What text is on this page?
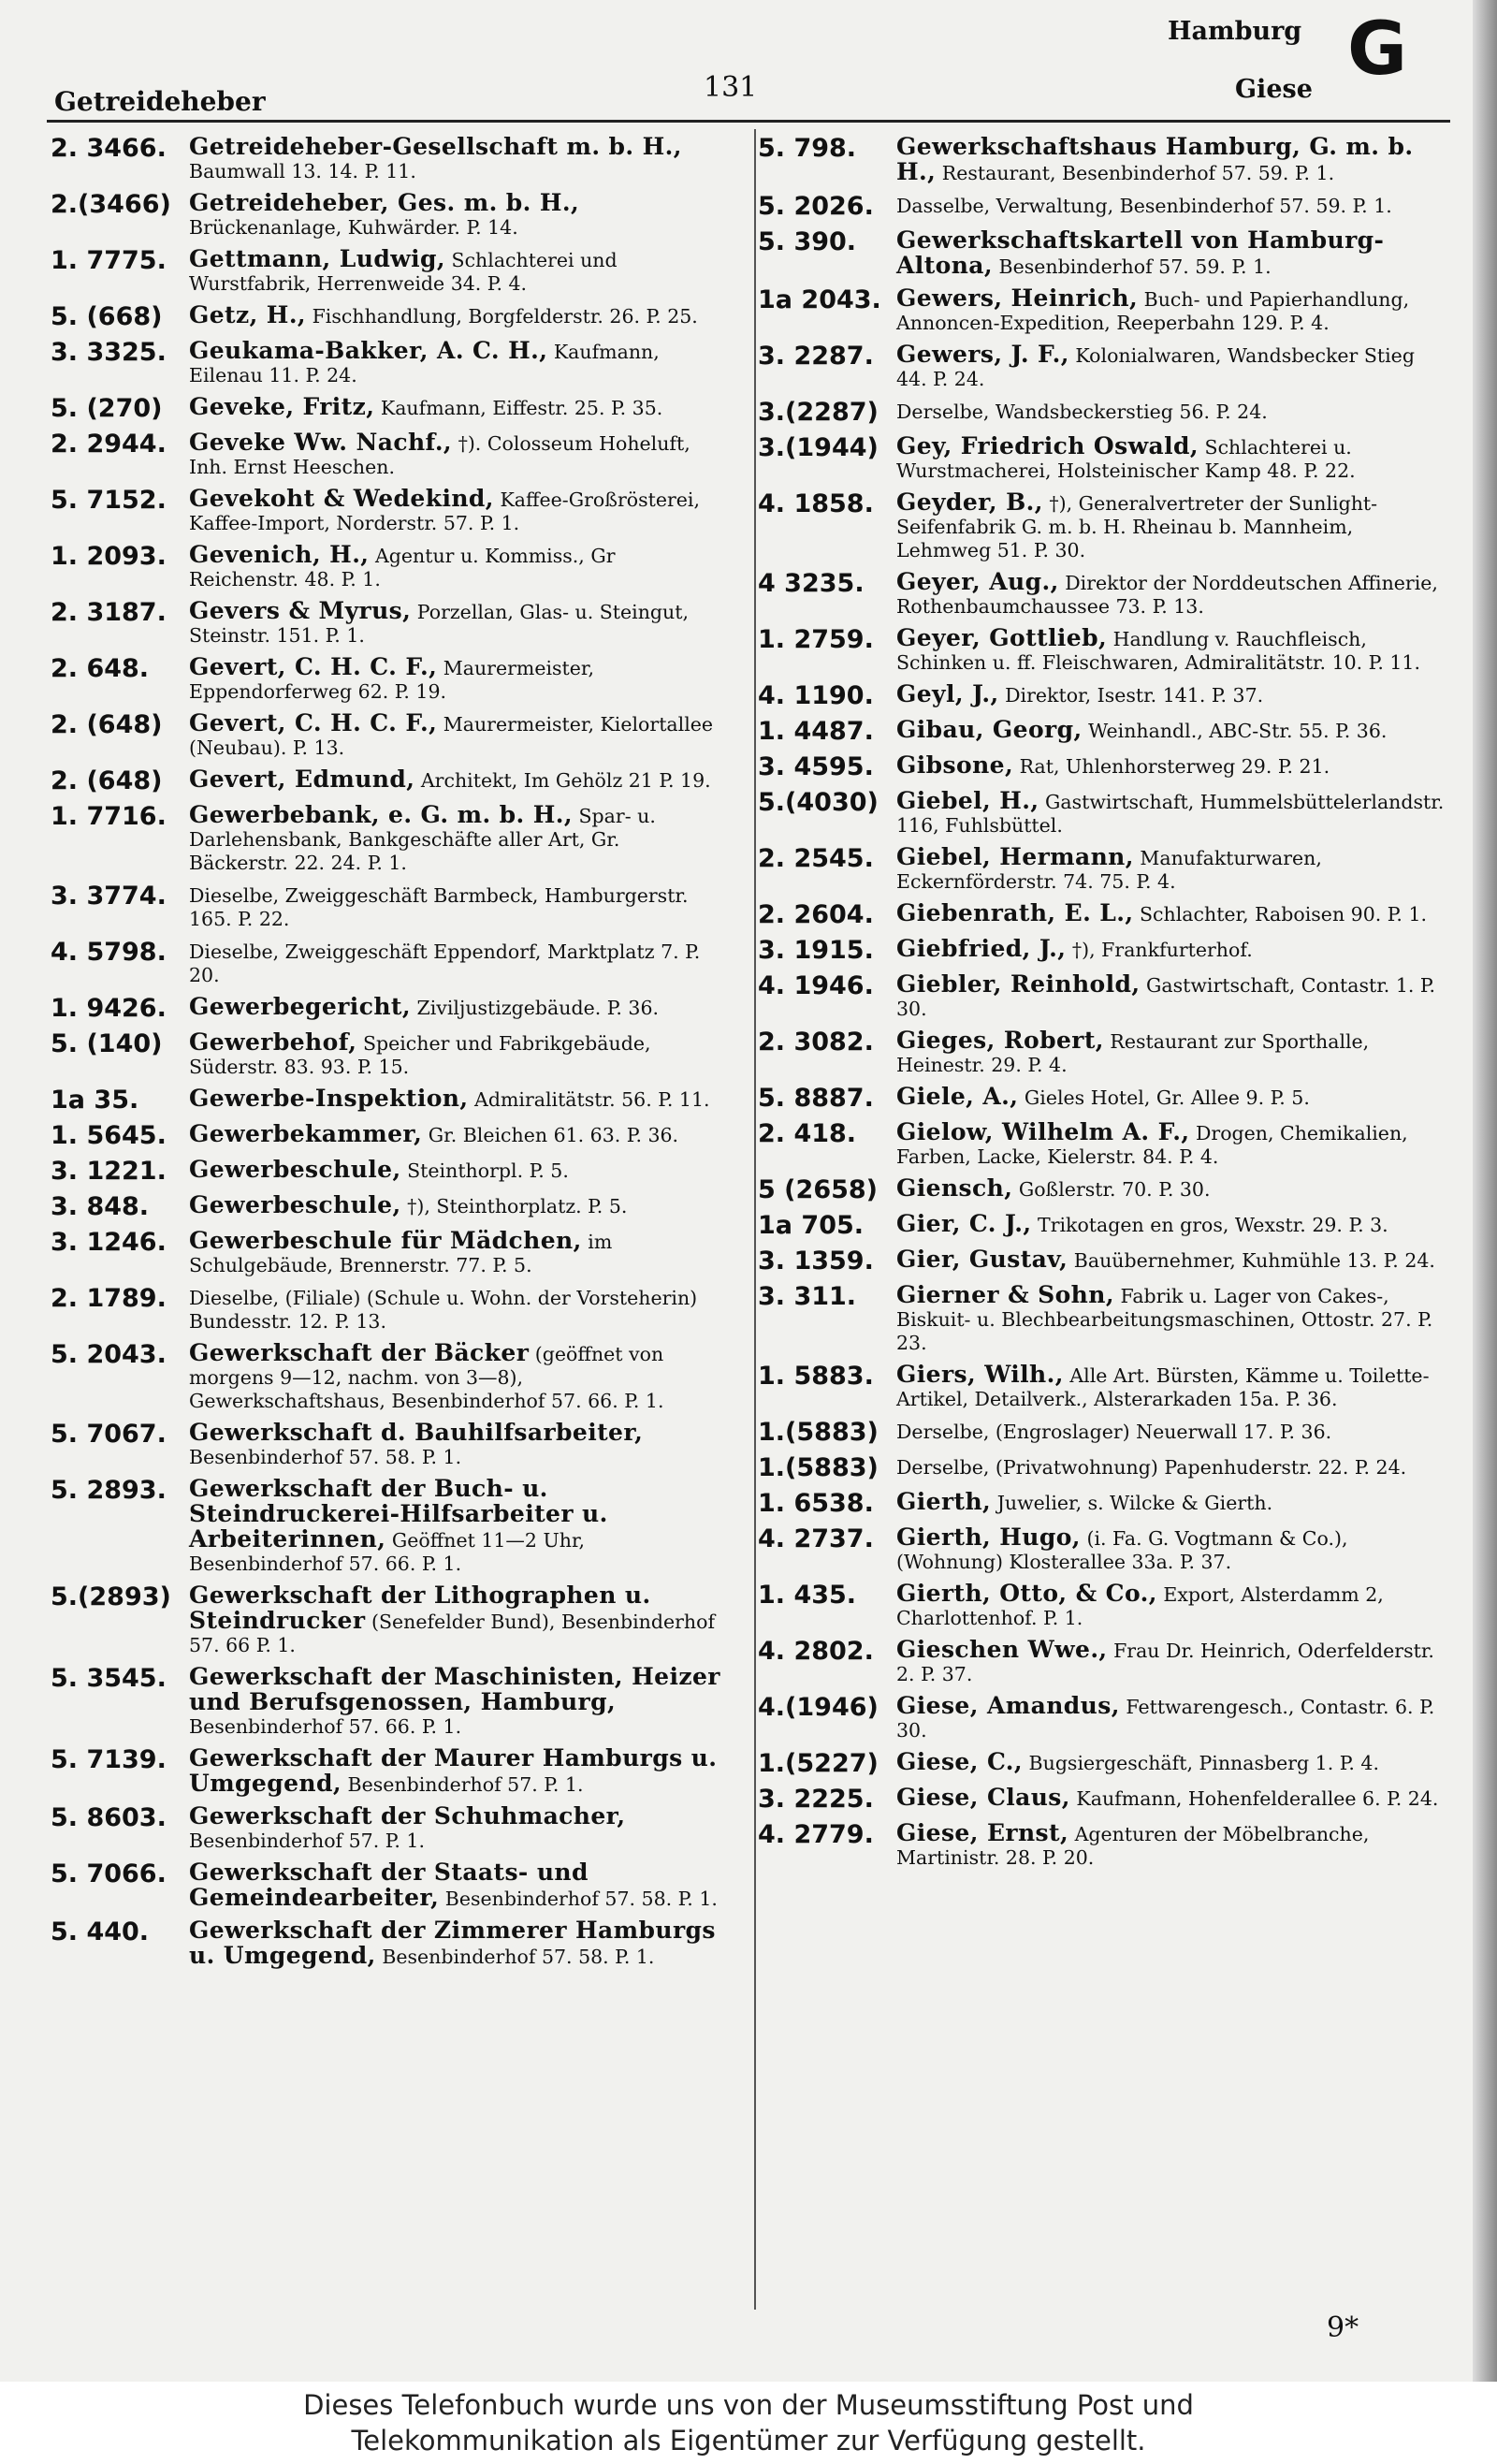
Getreideheber	131
Hamburg
Giese G
2. 3466. Getreideheber-Gesellschaft m. b. H., Baumwall 13. 14. P. 11.
2.(3466) Getreideheber, Ges. m. b. H., Brückenanlage, Kuhwärder. P. 14.
1. 7775. Gettmann, Ludwig, Schlachterei und Wurstfabrik, Herrenweide 34. P. 4.
5. (668)	Getz, H., Fischhandlung, Borgfelderstr. 26. P. 25.
3. 3325. Geukama-Bakker, A. C. H., Kaufmann, Eilenau 11. P. 24.
5. (270)	Geveke, Fritz, Kaufmann, Eiffestr. 25. P. 35.
2. 2944. Geveke Ww. Nachf., †). Colosseum Hoheluft, Inh. Ernst Heeschen.
5. 7152. Gevekoht & Wedekind, Kaffee-Großrösterei, Kaffee-Import, Norderstr. 57. P. 1.
1. 2093. Gevenich, H., Agentur u. Kommiss., Gr Reichenstr. 48. P. 1.
2. 3187. Gevers & Myrus, Porzellan, Glas- u. Steingut, Steinstr. 151. P. 1.
2. 648.	Gevert, C. H. C. F., Maurermeister, Eppendorferweg 62. P. 19.
2. (648)	Gevert, C. H. C. F., Maurermeister, Kielortallee (Neubau). P. 13.
2. (648)	Gevert, Edmund, Architekt, Im Gehölz 21 P. 19.
1. 7716. Gewerbebank, e. G. m. b. H., Spar- u. Darlehensbank, Bankgeschäfte aller Art, Gr. Bäckerstr. 22. 24. P. 1.
3. 3774.	Dieselbe, Zweiggeschäft Barmbeck, Hamburgerstr. 165. P. 22.
4. 5798.	Dieselbe, Zweiggeschäft Eppendorf, Marktplatz 7. P. 20.
1. 9426. Gewerbegericht, Ziviljustizgebäude. P. 36.
5. (140)	Gewerbehof, Speicher und Fabrikgebäude, Süderstr. 83. 93. P. 15.
1a 35.	Gewerbe-Inspektion, Admiralitätstr. 56. P. 11.
1. 5645. Gewerbekammer, Gr. Bleichen 61. 63. P. 36.
3. 1221. Gewerbeschule, Steinthorpl. P. 5.
3. 848.	Gewerbeschule, †), Steinthorplatz. P. 5.
3. 1246. Gewerbeschule für Mädchen, im Schulgebäude, Brennerstr. 77. P. 5.
2. 1789.	Dieselbe, (Filiale) (Schule u. Wohn. der Vorsteherin) Bundesstr. 12. P. 13.
5. 2043. Gewerkschaft der Bäcker (geöffnet von morgens 9—12, nachm. von 3—8), Gewerkschaftshaus, Besenbinderhof 57. 66. P. 1.
5. 7067. Gewerkschaft d. Bauhilfsarbeiter, Besenbinderhof 57. 58. P. 1.
5. 2893. Gewerkschaft der Buch- u. Steindruckerei-Hilfsarbeiter u. Arbeiterinnen, Geöffnet 11—2 Uhr, Besenbinderhof 57. 66. P. 1.
5.(2893) Gewerkschaft der Lithographen u. Steindrucker (Senefelder Bund), Besenbinderhof 57. 66 P. 1.
5. 3545. Gewerkschaft der Maschinisten, Heizer und Berufsgenossen, Hamburg, Besenbinderhof 57. 66. P. 1.
5. 7139. Gewerkschaft der Maurer Hamburgs u. Umgegend, Besenbinderhof 57. P. 1.
5. 8603. Gewerkschaft der Schuhmacher, Besenbinderhof 57. P. 1.
5. 7066. Gewerkschaft der Staats- und Gemeindearbeiter, Besenbinderhof 57. 58. P. 1.
5. 440.	Gewerkschaft der Zimmerer Hamburgs u. Umgegend, Besenbinderhof 57. 58. P. 1.
5. 798.	Gewerkschaftshaus Hamburg, G. m. b. H., Restaurant, Besenbinderhof 57. 59. P. 1.
5. 2026.	Dasselbe, Verwaltung, Besenbinderhof 57. 59. P. 1.
5. 390.	Gewerkschaftskartell von Hamburg-Altona, Besenbinderhof 57. 59. P. 1.
1a 2043. Gewers, Heinrich, Buch- und Papierhandlung, Annoncen-Expedition, Reeperbahn 129. P. 4.
3. 2287. Gewers, J. F., Kolonialwaren, Wandsbecker Stieg 44. P. 24.
3.(2287) Derselbe, Wandsbeckerstieg 56. P. 24.
3.(1944) Gey, Friedrich Oswald, Schlachterei u. Wurstmacherei, Holsteinischer Kamp 48. P. 22.
4. 1858. Geyder, B., †), Generalvertreter der Sunlight-Seifenfabrik G. m. b. H. Rheinau b. Mannheim, Lehmweg 51. P. 30.
4 3235.	Geyer, Aug., Direktor der Norddeutschen Affinerie, Rothenbaumchaussee 73. P. 13.
1. 2759. Geyer, Gottlieb, Handlung v. Rauchfleisch, Schinken u. ff. Fleischwaren, Admiralitätstr. 10. P. 11.
4. 1190. Geyl, J., Direktor, Isestr. 141. P. 37.
1. 4487. Gibau, Georg, Weinhandl., ABC-Str. 55. P. 36.
3. 4595. Gibsone, Rat, Uhlenhorsterweg 29. P. 21.
5.(4030) Giebel, H., Gastwirtschaft, Hummelsbüttelerlandstr. 116, Fuhlsbüttel.
2. 2545. Giebel, Hermann, Manufakturwaren, Eckernförderstr. 74. 75. P. 4.
2. 2604. Giebenrath, E. L., Schlachter, Raboisen 90. P. 1.
3. 1915. Giebfried, J., †), Frankfurterhof.
4. 1946. Giebler, Reinhold, Gastwirtschaft, Contastr. 1. P. 30.
2. 3082. Gieges, Robert, Restaurant zur Sporthalle, Heinestr. 29. P. 4.
5. 8887. Giele, A., Gieles Hotel, Gr. Allee 9. P. 5.
2. 418.	Gielow, Wilhelm A. F., Drogen, Chemikalien, Farben, Lacke, Kielerstr. 84. P. 4.
5 (2658) Giensch, Goßlerstr. 70. P. 30.
1a 705.	Gier, C. J., Trikotagen en gros, Wexstr. 29. P. 3.
3. 1359. Gier, Gustav, Bauübernehmer, Kuhmühle 13. P. 24.
3. 311.	Gierner & Sohn, Fabrik u. Lager von Cakes-, Biskuit- u. Blechbearbeitungsmaschinen, Ottostr. 27. P. 23.
1. 5883. Giers, Wilh., Alle Art. Bürsten, Kämme u. Toilette-Artikel, Detailverk., Alsterarkaden 15a. P. 36.
1.(5883) Derselbe, (Engroslager) Neuerwall 17. P. 36.
1.(5883) Derselbe, (Privatwohnung) Papenhuderstr. 22. P. 24.
1. 6538. Gierth, Juwelier, s. Wilcke & Gierth.
4. 2737. Gierth, Hugo, (i. Fa. G. Vogtmann & Co.), (Wohnung) Klosterallee 33a. P. 37.
1. 435.	Gierth, Otto, & Co., Export, Alsterdamm 2, Charlottenhof. P. 1.
4. 2802. Gieschen Wwe., Frau Dr. Heinrich, Oderfelderstr. 2. P. 37.
4.(1946) Giese, Amandus, Fettwarengesch., Contastr. 6. P. 30.
1.(5227) Giese, C., Bugsiergeschäft, Pinnasberg 1. P. 4.
3. 2225. Giese, Claus, Kaufmann, Hohenfelderallee 6. P. 24.
4. 2779. Giese, Ernst, Agenturen der Möbelbranche, Martinistr. 28. P. 20.
9*
Dieses Telefonbuch wurde uns von der Museumsstiftung Post und
Telekommunikation als Eigentümer zur Verfügung gestellt.
